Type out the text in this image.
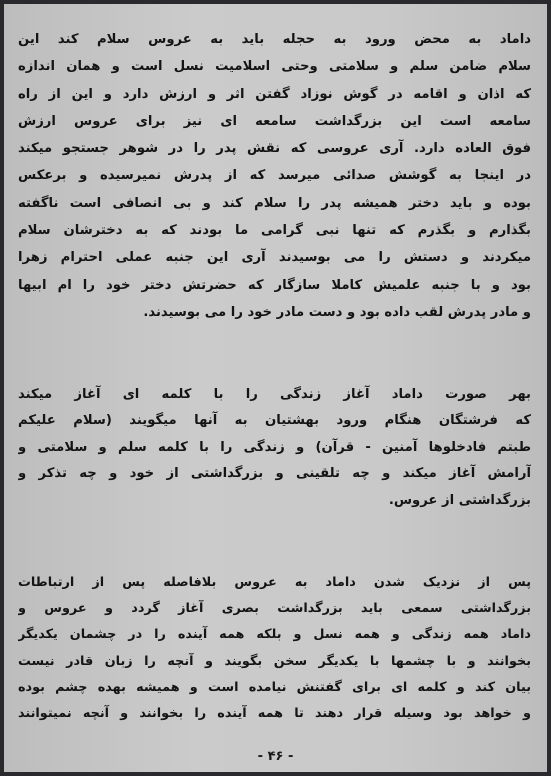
داماد به محض ورود به حجله باید به عروس سلام کند این
سلام ضامن سلم و سلامتی وحتی اسلامیت نسل است و همان اندازه
که اذان و اقامه در گوش نوزاد گفتن اثر و ارزش دارد و این از راه
سامعه است این بزرگداشت سامعه ای نیز برای عروس ارزش
فوق العاده دارد. آری عروسی که نقش پدر را در شوهر جستجو میکند
در اینجا به گوشش صدائی میرسد که از پدرش نمیرسیده و برعکس
بوده و باید دختر همیشه پدر را سلام کند و بی انصافی است ناگفته
بگذارم و بگذرم که تنها نبی گرامی ما بودند که به دخترشان سلام
میکردند و دستش را می بوسیدند آری این جنبه عملی احترام زهرا
بود و با جنبه علمیش کاملا سازگار که حضرتش دختر خود را ام ابیها
و مادر پدرش لقب داده بود و دست مادر خود را می بوسیدند.
بهر صورت داماد آغاز زندگی را با کلمه ای آغاز میکند
که فرشتگان هنگام ورود بهشتیان به آنها میگویند (سلام علیکم
طبتم فادخلوها آمنین - قرآن) و زندگی را با کلمه سلم و سلامتی و
آرامش آغاز میکند و چه تلقینی و بزرگداشتی از خود و چه تذکر و
بزرگداشتی از عروس.
پس از نزدیک شدن داماد به عروس بلافاصله پس از ارتباطات
بزرگداشتی سمعی باید بزرگداشت بصری آغاز گردد و عروس و
داماد همه زندگی و همه نسل و بلکه همه آینده را در چشمان یکدیگر
بخوانند و با چشمها با یکدیگر سخن بگویند و آنچه را زبان قادر نیست
بیان کند و کلمه ای برای گفتنش نیامده است و همیشه بهده چشم بوده
و خواهد بود وسیله قرار دهند تا همه آینده را بخوانند و آنچه نمیتوانند
- ۴۶ -
